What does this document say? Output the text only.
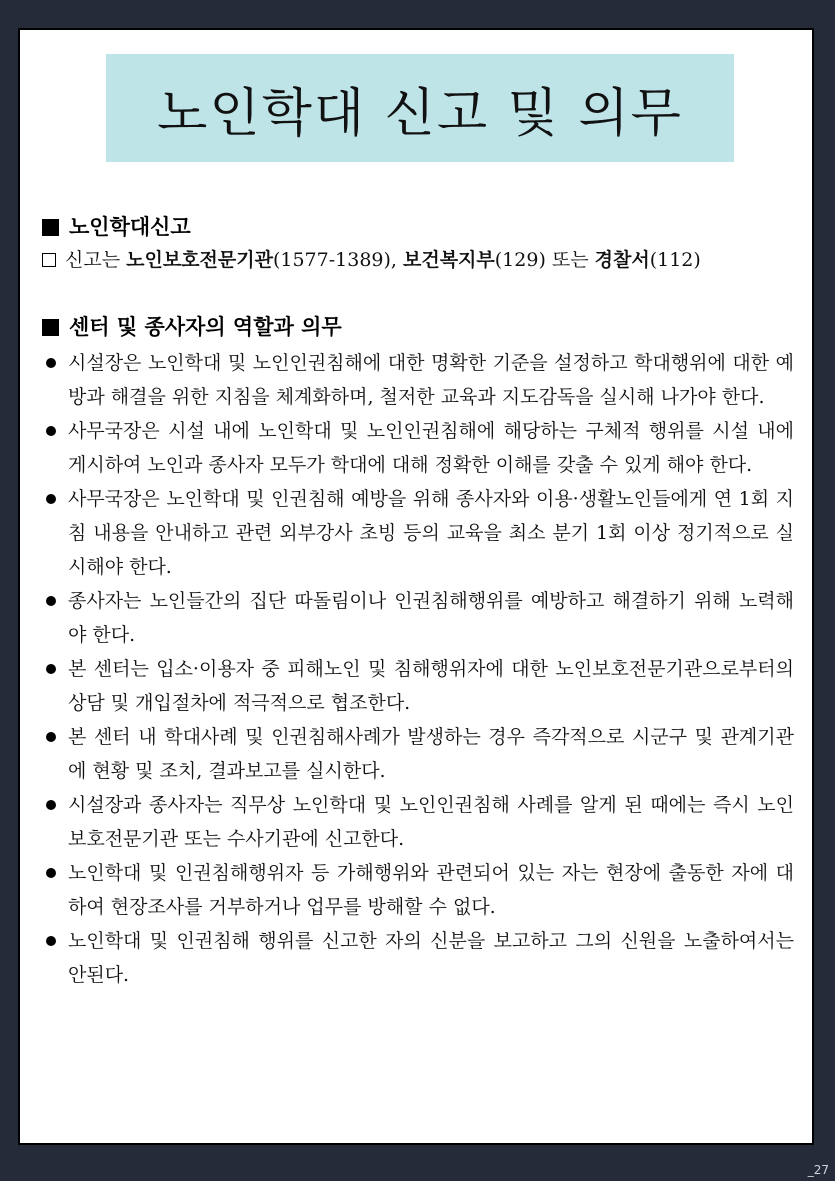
노인학대 신고 및 의무
노인학대신고
신고는 노인보호전문기관(1577-1389), 보건복지부(129) 또는 경찰서(112)
센터 및 종사자의 역할과 의무
시설장은 노인학대 및 노인인권침해에 대한 명확한 기준을 설정하고 학대행위에 대한 예방과 해결을 위한 지침을 체계화하며, 철저한 교육과 지도감독을 실시해 나가야 한다.
사무국장은 시설 내에 노인학대 및 노인인권침해에 해당하는 구체적 행위를 시설 내에 게시하여 노인과 종사자 모두가 학대에 대해 정확한 이해를 갖출 수 있게 해야 한다.
사무국장은 노인학대 및 인권침해 예방을 위해 종사자와 이용·생활노인들에게 연 1회 지침 내용을 안내하고 관련 외부강사 초빙 등의 교육을 최소 분기 1회 이상 정기적으로 실시해야 한다.
종사자는 노인들간의 집단 따돌림이나 인권침해행위를 예방하고 해결하기 위해 노력해야 한다.
본 센터는 입소·이용자 중 피해노인 및 침해행위자에 대한 노인보호전문기관으로부터의 상담 및 개입절차에 적극적으로 협조한다.
본 센터 내 학대사례 및 인권침해사례가 발생하는 경우 즉각적으로 시군구 및 관계기관에 현황 및 조치, 결과보고를 실시한다.
시설장과 종사자는 직무상 노인학대 및 노인인권침해 사례를 알게 된 때에는 즉시 노인보호전문기관 또는 수사기관에 신고한다.
노인학대 및 인권침해행위자 등 가해행위와 관련되어 있는 자는 현장에 출동한 자에 대하여 현장조사를 거부하거나 업무를 방해할 수 없다.
노인학대 및 인권침해 행위를 신고한 자의 신분을 보고하고 그의 신원을 노출하여서는 안된다.
_27
